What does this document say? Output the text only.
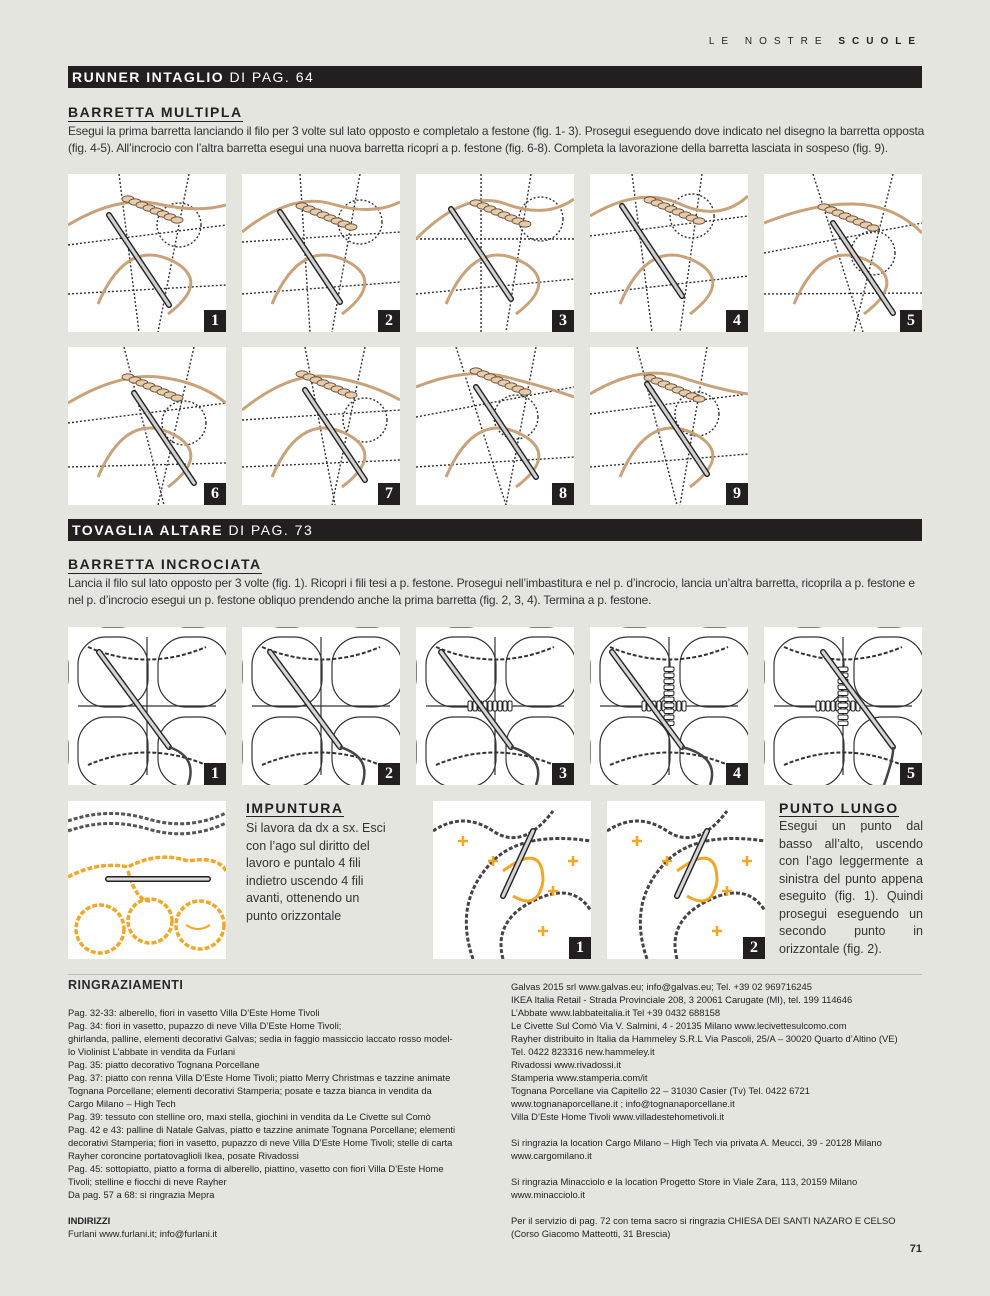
LE NOSTRE SCUOLE
RUNNER INTAGLIO DI PAG. 64
BARRETTA MULTIPLA
Esegui la prima barretta lanciando il filo per 3 volte sul lato opposto e completalo a festone (fig. 1- 3). Prosegui eseguendo dove indicato nel disegno la barretta opposta (fig. 4-5). All’incrocio con l’altra barretta esegui una nuova barretta ricopri a p. festone (fig. 6-8). Completa la lavorazione della barretta lasciata in sospeso (fig. 9).
1	2	3	4	5
6	7	8	9
TOVAGLIA ALTARE DI PAG. 73
BARRETTA INCROCIATA
Lancia il filo sul lato opposto per 3 volte (fig. 1). Ricopri i fili tesi a p. festone. Prosegui nell’imbastitura e nel p. d’incrocio, lancia un’altra barretta, ricoprila a p. festone e nel p. d’incrocio esegui un p. festone obliquo prendendo anche la prima barretta (fig. 2, 3, 4). Termina a p. festone.
1	2	3	4	5
IMPUNTURA
Si lavora da dx a sx. Esci con l’ago sul diritto del lavoro e puntalo 4 fili indietro uscendo 4 fili avanti, ottenendo un punto orizzontale
1	2
PUNTO LUNGO
Esegui un punto dal basso all’alto, uscendo con l’ago leggermente a sinistra del punto appena eseguito (fig. 1). Quindi prosegui eseguendo un secondo punto in orizzontale (fig. 2).
RINGRAZIAMENTI

Pag. 32-33: alberello, fiori in vasetto Villa D’Este Home Tivoli

Pag. 34: fiori in vasetto, pupazzo di neve Villa D’Este Home Tivoli;

ghirlanda, palline, elementi decorativi Galvas; sedia in faggio massiccio laccato rosso model-

lo Violinist L’abbate in vendita da Furlani

Pag. 35: piatto decorativo Tognana Porcellane

Pag. 37: piatto con renna Villa D’Este Home Tivoli; piatto Merry Christmas e tazzine animate

Tognana Porcellane; elementi decorativi Stamperia; posate e tazza bianca in vendita da

Cargo Milano – High Tech

Pag. 39: tessuto con stelline oro, maxi stella, giochini in vendita da Le Civette sul Comò

Pag. 42 e 43: palline di Natale Galvas, piatto e tazzine animate Tognana Porcellane; elementi

decorativi Stamperia; fiori in vasetto, pupazzo di neve Villa D’Este Home Tivoli; stelle di carta

Rayher coroncine portatovaglioli Ikea, posate Rivadossi

Pag. 45: sottopiatto, piatto a forma di alberello, piattino, vasetto con fiori Villa D’Este Home

Tivoli; stelline e fiocchi di neve Rayher

Da pag. 57 a 68: si ringrazia Mepra

INDIRIZZI

Furlani www.furlani.it; info@furlani.it

Galvas 2015 srl www.galvas.eu; info@galvas.eu; Tel. +39 02 969716245

IKEA Italia Retail - Strada Provinciale 208, 3 20061 Carugate (MI), tel. 199 114646

L’Abbate www.labbateitalia.it Tel +39 0432 688158

Le Civette Sul Comò Via V. Salmini, 4 - 20135 Milano www.lecivettesulcomo.com

Rayher distribuito in Italia da Hammeley S.R.L Via Pascoli, 25/A – 30020 Quarto d’Altino (VE)

Tel. 0422 823316 new.hammeley.it

Rivadossi www.rivadossi.it

Stamperia www.stamperia.com/it

Tognana Porcellane via Capitello 22 – 31030 Casier (Tv) Tel. 0422 6721

www.tognanaporcellane.it ; info@tognanaporcellane.it

Villa D’Este Home Tivoli www.villadestehometivoli.it

Si ringrazia la location Cargo Milano – High Tech via privata A. Meucci, 39 - 20128 Milano

www.cargomilano.it

Si ringrazia Minacciolo e la location Progetto Store in Viale Zara, 113, 20159 Milano

www.minacciolo.it

Per il servizio di pag. 72 con tema sacro si ringrazia CHIESA DEI SANTI NAZARO E CELSO

(Corso Giacomo Matteotti, 31 Brescia)

71
